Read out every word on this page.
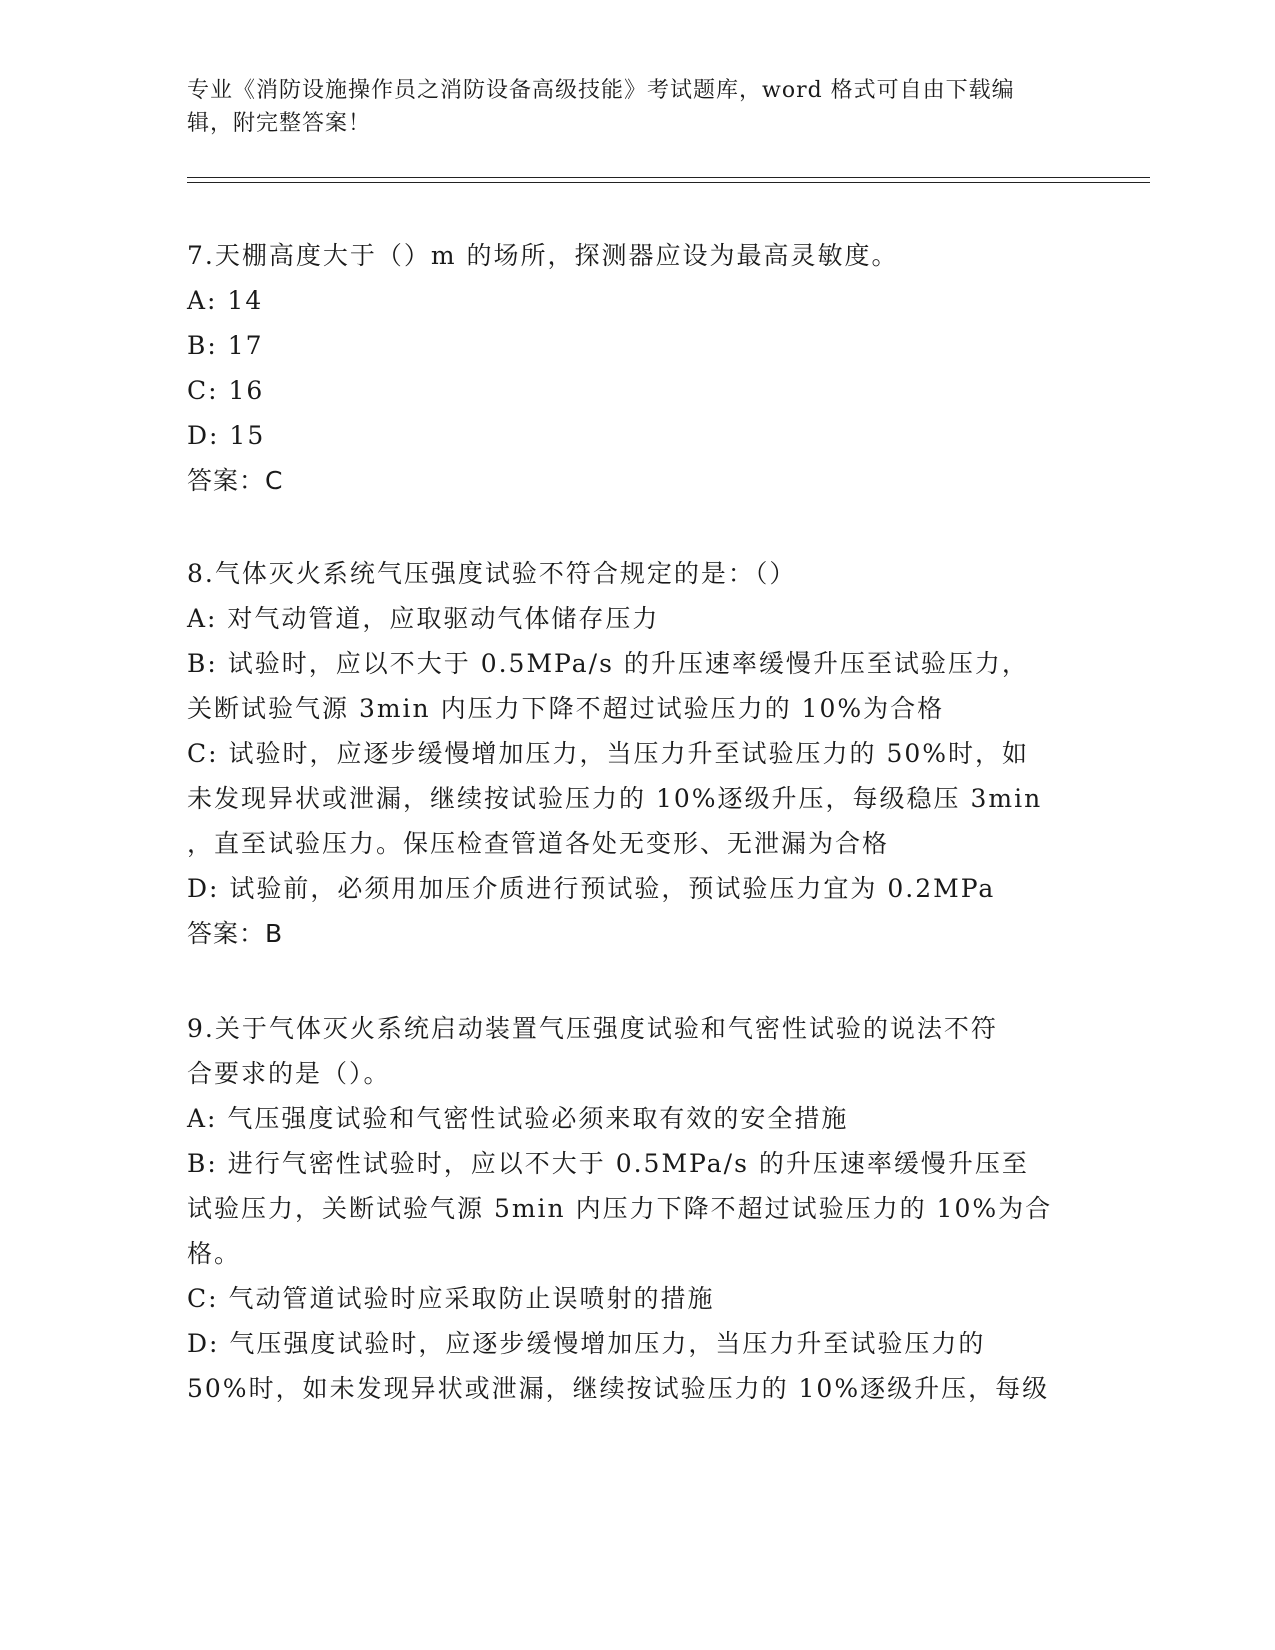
专业《消防设施操作员之消防设备高级技能》考试题库，word 格式可自由下载编
辑，附完整答案！
7.天棚高度大于（）m 的场所，探测器应设为最高灵敏度。
A: 14
B: 17
C: 16
D: 15
答案：C
8.气体灭火系统气压强度试验不符合规定的是：（）
A: 对气动管道，应取驱动气体储存压力
B: 试验时，应以不大于 0.5MPa/s 的升压速率缓慢升压至试验压力，
关断试验气源 3min 内压力下降不超过试验压力的 10%为合格
C: 试验时，应逐步缓慢增加压力，当压力升至试验压力的 50%时，如
未发现异状或泄漏，继续按试验压力的 10%逐级升压，每级稳压 3min
，直至试验压力。保压检查管道各处无变形、无泄漏为合格
D: 试验前，必须用加压介质进行预试验，预试验压力宜为 0.2MPa
答案：B
9.关于气体灭火系统启动装置气压强度试验和气密性试验的说法不符
合要求的是（）。
A: 气压强度试验和气密性试验必须来取有效的安全措施
B: 进行气密性试验时，应以不大于 0.5MPa/s 的升压速率缓慢升压至
试验压力，关断试验气源 5min 内压力下降不超过试验压力的 10%为合
格。
C: 气动管道试验时应采取防止误喷射的措施
D: 气压强度试验时，应逐步缓慢增加压力，当压力升至试验压力的
50%时，如未发现异状或泄漏，继续按试验压力的 10%逐级升压，每级
